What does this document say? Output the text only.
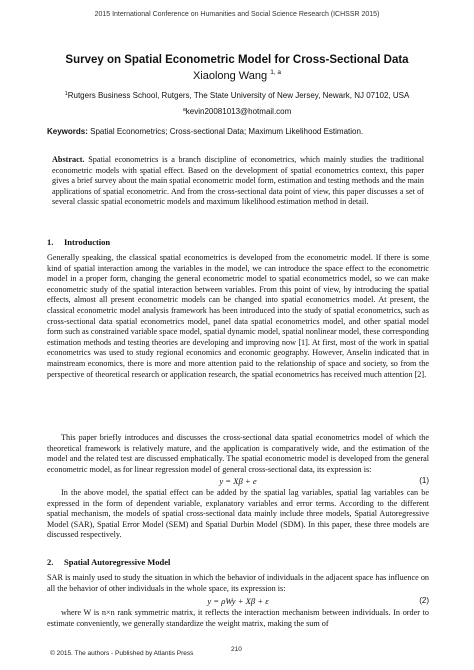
2015 International Conference on Humanities and Social Science Research (ICHSSR 2015)
Survey on Spatial Econometric Model for Cross-Sectional Data
Xiaolong Wang $^{1, a}$
$^1$Rutgers Business School, Rutgers, The State University of New Jersey, Newark, NJ 07102, USA
$^a$kevin20081013@hotmail.com
Keywords: Spatial Econometrics; Cross-sectional Data; Maximum Likelihood Estimation.

Abstract. Spatial econometrics is a branch discipline of econometrics, which mainly studies the traditional econometric models with spatial effect. Based on the development of spatial econometrics context, this paper gives a brief survey about the main spatial econometric model form, estimation and testing methods and the main applications of spatial econometric. And from the cross-sectional data point of view, this paper discusses a set of several classic spatial econometric models and maximum likelihood estimation method in detail.

1. Introduction

Generally speaking, the classical spatial econometrics is developed from the econometric model. If there is some kind of spatial interaction among the variables in the model, we can introduce the space effect to the econometric model in a proper form, changing the general econometric model to spatial econometrics model, so we can make econometric study of the spatial interaction between variables. From this point of view, by introducing the spatial effects, almost all present econometric models can be changed into spatial econometrics model. At present, the classical econometric model analysis framework has been introduced into the study of spatial econometrics, such as cross-sectional data spatial econometrics model, panel data spatial econometrics model, and other spatial model form such as constrained variable space model, spatial dynamic model, spatial nonlinear model, these corresponding estimation methods and testing theories are developing and improving now [1]. At first, most of the work in spatial econometrics was used to study regional economics and economic geography. However, Anselin indicated that in mainstream economics, there is more and more attention paid to the relationship of space and society, so from the perspective of theoretical research or application research, the spatial econometrics has received much attention [2].

This paper briefly introduces and discusses the cross-sectional data spatial econometrics model of which the theoretical framework is relatively mature, and the application is comparatively wide, and the estimation of the model and the related test are discussed emphatically. The spatial econometric model is developed from the general econometric model, as for linear regression model of general cross-sectional data, its expression is:

y = Xβ + e	(1)

In the above model, the spatial effect can be added by the spatial lag variables, spatial lag variables can be expressed in the form of dependent variable, explanatory variables and error terms. According to the different spatial mechanism, the models of spatial cross-sectional data mainly include three models, Spatial Autoregressive Model (SAR), Spatial Error Model (SEM) and Spatial Durbin Model (SDM). In this paper, these three models are discussed respectively.

2. Spatial Autoregressive Model

SAR is mainly used to study the situation in which the behavior of individuals in the adjacent space has influence on all the behavior of other individuals in the whole space, its expression is:

y = ρWy + Xβ + ε	(2)

where W is n×n rank symmetric matrix, it reflects the interaction mechanism between individuals. In order to estimate conveniently, we generally standardize the weight matrix, making the sum of

© 2015. The authors - Published by Atlantis Press
210
